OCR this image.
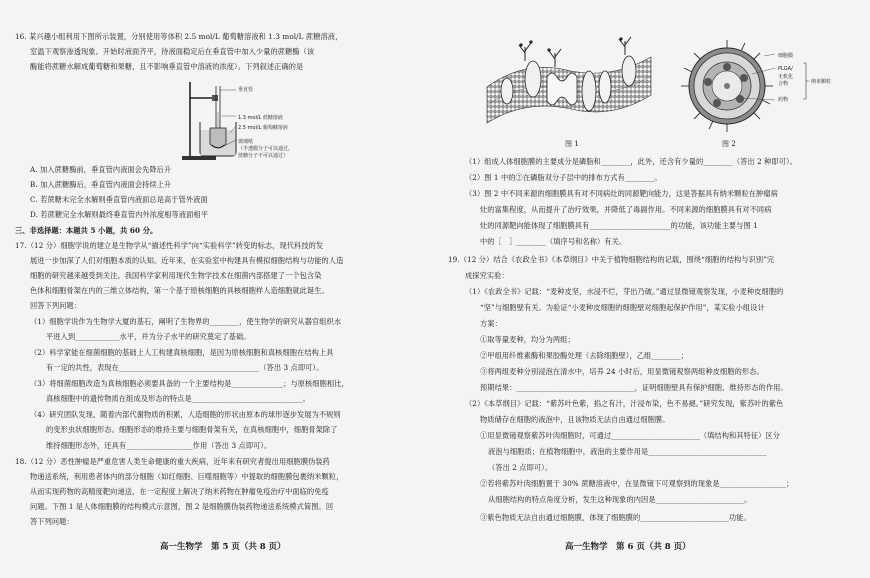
16. 某兴趣小组利用下图所示装置，分别使用等体积 2.5 mol/L 葡萄糖溶液和 1.3 mol/L 蔗糖溶液，
室温下观察渗透现象。开始时液面齐平，待液面稳定后在垂直管中加入少量的蔗糖酶（该
酶能将蔗糖水解成葡萄糖和果糖，且不影响垂直管中溶液的浓度）。下列叙述正确的是
垂直管
1.3 mol/L 蔗糖溶液
2.5 mol/L 葡萄糖溶液
玻璃纸
（半透膜分子可以通过，
蔗糖分子不可以通过）
A. 加入蔗糖酶前，垂直管内液面会先降后升
B. 加入蔗糖酶后，垂直管内液面会持续上升
C. 若蔗糖未完全水解则垂直管内液面总是高于管外液面
D. 若蔗糖完全水解则最终垂直管内外浓度相等液面相平
三、非选择题：本题共 5 小题，共 60 分。
17.（12 分）细胞学说的建立是生物学从“描述性科学”向“实验科学”转变的标志，现代科技的发
展进一步加深了人们对细胞本质的认知。近年来，在实验室中构建具有模拟细胞结构与功能的人造
细胞的研究越来越受到关注。我国科学家利用现代生物学技术在细菌内部搭建了一个包含染
色体和细胞骨架在内的三维立体结构，第一个基于原核细胞的具核细胞样人造细胞就此诞生。
回答下列问题：
（1）细胞学说作为生物学大厦的基石，阐明了生物界的________，使生物学的研究从器官组织水
平进入到____________水平，并为分子水平的研究奠定了基础。
（2）科学家能在细菌细胞的基础上人工构建真核细胞，是因为原核细胞和真核细胞在结构上具
有一定的共性，表现在______________________________________（答出 3 点即可）。
（3）将细菌细胞改造为真核细胞必须要具备的一个主要结构是______________；与原核细胞相比，
真核细胞中的遗传物质在组成及形态的特点是______________________________。
（4）研究团队发现，随着内部代谢物质的积累，人造细胞的形状由原本的球形逐步发展为不规则
的变形虫状细胞形态。细胞形态的维持主要与细胞骨架有关，在真核细胞中，细胞骨架除了
维持细胞形态外，还具有__________________作用（答出 3 点即可）。
18.（12 分）恶性肿瘤是严重危害人类生命健康的重大疾病，近年来有研究者提出用细胞膜伪装药
物递送系统，利用患者体内的部分细胞（如红细胞、巨噬细胞等）中提取的细胞膜包裹纳米颗粒，
从而实现药物的高精度靶向递送，在一定程度上解决了纳米药物在肿瘤免疫治疗中面临的免疫
问题。下图 1 是人体细胞膜的结构模式示意图，图 2 是细胞膜伪装药物递送系统模式简图。回
答下列问题：
高一生物学　第 5 页（共 8 页）
图 1
细胞膜
PLGA/
无机化
合物
药物
纳米颗粒
图 2
（1）组成人体细胞膜的主要成分是磷脂和________，此外，还含有少量的________（答出 2 种即可）。
（2）图 1 中的②在磷脂双分子层中的排布方式有________。
（3）图 2 中不同来源的细胞膜具有对不同病灶的同源靶向能力，这是答据具有纳米颗粒在肿瘤病
灶的富集程度，从而提升了治疗效果，并降低了毒副作用。不同来源的细胞膜具有对不同病
灶的同源靶向能体现了细胞膜具有______________________的功能，该功能主要与图 1
中的［　］________（填序号和名称）有关。
19.（12 分）结合《农政全书》《本草纲目》中关于植物细胞结构的记载，围绕“细胞的结构与识别”完
成探究实验：
（1）《农政全书》记载：“麦种皮坚，水浸不烂，芽出乃破。”通过显微镜观察发现，小麦种皮细胞的
“坚”与细胞壁有关。为验证“小麦种皮细胞的细胞壁对细胞起保护作用”，某实验小组设计
方案：
①取等量麦种，均分为两组；
②甲组用纤维素酶和果胶酶处理（去除细胞壁），乙组________；
③将两组麦种分别浸泡在清水中，培养 24 小时后，用显微镜观察两组种皮细胞的形态。
预期结果：________________________________，证明细胞壁具有保护细胞、维持形态的作用。
（2）《本草纲目》记载：“紫苏叶色紫，掐之有汁，汁浸布染，色不易褪。”研究发现，紫苏叶的紫色
物质储存在细胞的液泡中，且该物质无法自由通过细胞膜。
①用显微镜观察紫苏叶肉细胞时，可通过________________________（填结构和其特征）区分
液泡与细胞质；在植物细胞中，液泡的主要作用是________________________________
（答出 2 点即可）。
②若将紫苏叶肉细胞置于 30% 蔗糖溶液中，在显微镜下可观察到的现象是__________________；
从细胞结构的特点角度分析，发生这种现象的内因是________________________。
③紫色物质无法自由通过细胞膜，体现了细胞膜的________________________功能。
高一生物学　第 6 页（共 8 页）
